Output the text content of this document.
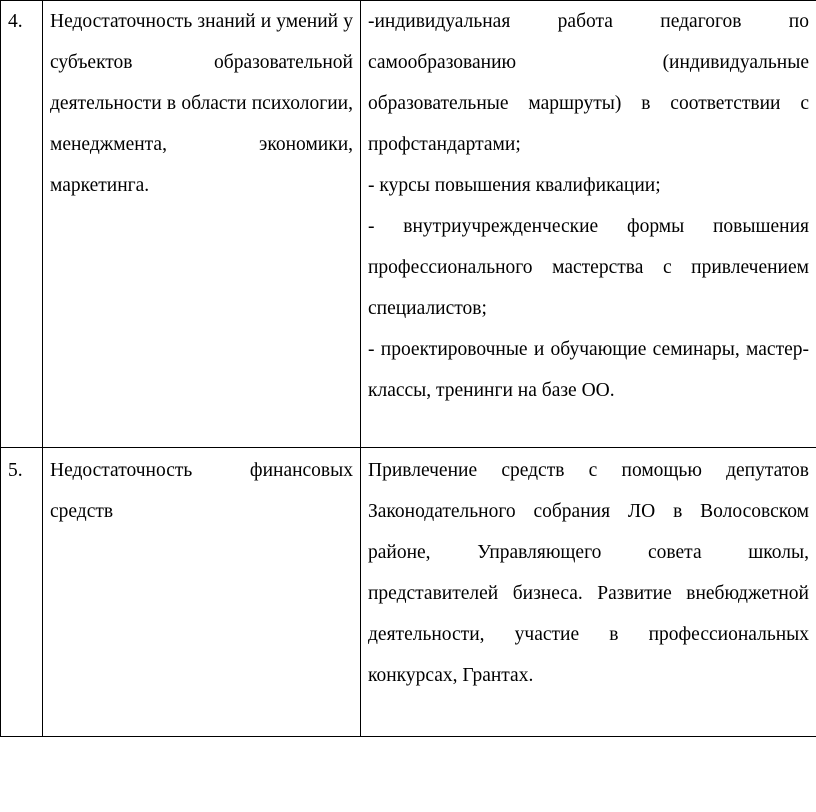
4.	Недостаточность знаний и умений у субъектов образовательной деятельности в области психологии, менеджмента, экономики, маркетинга.	-индивидуальная работа педагогов по самообразованию (индивидуальные образовательные маршруты) в соответствии с профстандартами;
- курсы повышения квалификации;
- внутриучрежденческие формы повышения профессионального мастерства с привлечением специалистов;
- проектировочные и обучающие семинары, мастер-классы, тренинги на базе ОО.

5.	Недостаточность финансовых средств	Привлечение средств с помощью депутатов Законодательного собрания ЛО в Волосовском районе, Управляющего совета школы, представителей бизнеса. Развитие внебюджетной деятельности, участие в профессиональных конкурсах, Грантах.
